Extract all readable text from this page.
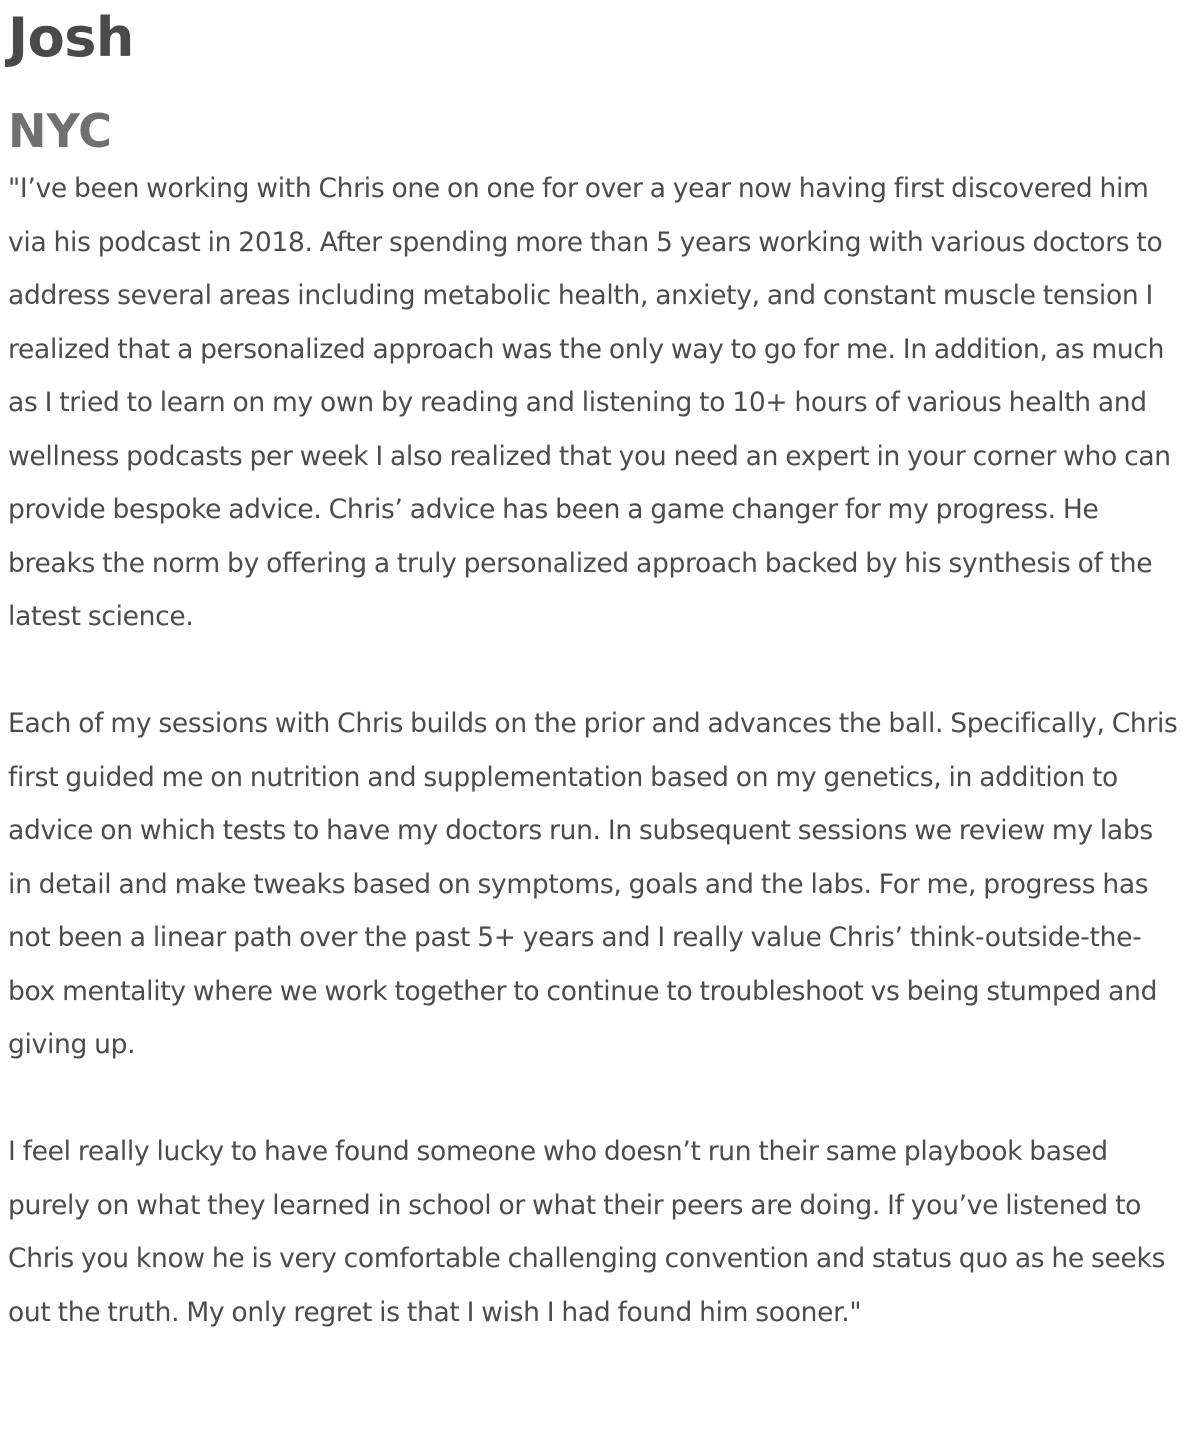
Josh
NYC

"I’ve been working with Chris one on one for over a year now having first discovered him via his podcast in 2018. After spending more than 5 years working with various doctors to address several areas including metabolic health, anxiety, and constant muscle tension I realized that a personalized approach was the only way to go for me. In addition, as much as I tried to learn on my own by reading and listening to 10+ hours of various health and wellness podcasts per week I also realized that you need an expert in your corner who can provide bespoke advice. Chris’ advice has been a game changer for my progress. He breaks the norm by offering a truly personalized approach backed by his synthesis of the latest science.

Each of my sessions with Chris builds on the prior and advances the ball. Specifically, Chris first guided me on nutrition and supplementation based on my genetics, in addition to advice on which tests to have my doctors run. In subsequent sessions we review my labs in detail and make tweaks based on symptoms, goals and the labs. For me, progress has not been a linear path over the past 5+ years and I really value Chris’ think-outside-the-box mentality where we work together to continue to troubleshoot vs being stumped and giving up.

I feel really lucky to have found someone who doesn’t run their same playbook based purely on what they learned in school or what their peers are doing. If you’ve listened to Chris you know he is very comfortable challenging convention and status quo as he seeks out the truth. My only regret is that I wish I had found him sooner."
